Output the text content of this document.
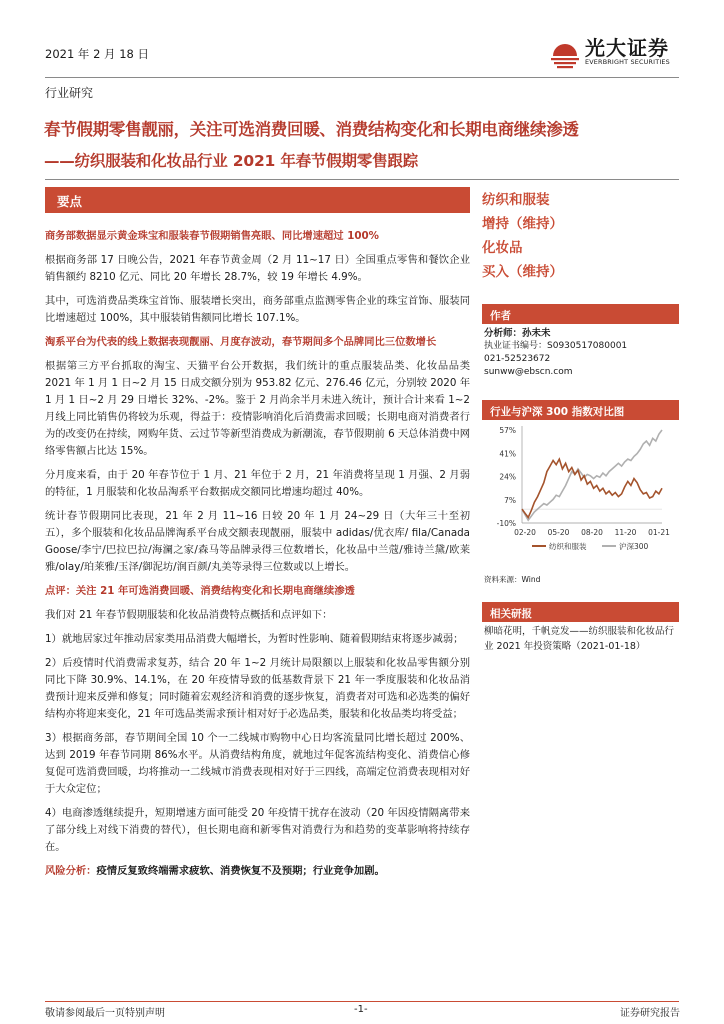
2021 年 2 月 18 日	光大证券
EVERBRIGHT SECURITIES
行业研究
春节假期零售靓丽，关注可选消费回暖、消费结构变化和长期电商继续渗透
——纺织服装和化妆品行业 2021 年春节假期零售跟踪
要点

商务部数据显示黄金珠宝和服装春节假期销售亮眼、同比增速超过 100%

根据商务部 17 日晚公告，2021 年春节黄金周（2 月 11~17 日）全国重点零售和餐饮企业销售额约 8210 亿元、同比 20 年增长 28.7%，较 19 年增长 4.9%。

其中，可选消费品类珠宝首饰、服装增长突出，商务部重点监测零售企业的珠宝首饰、服装同比增速超过 100%，其中服装销售额同比增长 107.1%。

淘系平台为代表的线上数据表现靓丽、月度存波动，春节期间多个品牌同比三位数增长

根据第三方平台抓取的淘宝、天猫平台公开数据，我们统计的重点服装品类、化妆品品类 2021 年 1 月 1 日~2 月 15 日成交额分别为 953.82 亿元、276.46 亿元，分别较 2020 年 1 月 1 日~2 月 29 日增长 32%、-2%。鉴于 2 月尚余半月未进入统计，预计合计来看 1~2 月线上同比销售仍将较为乐观，得益于：疫情影响消化后消费需求回暖；长期电商对消费者行为的改变仍在持续，网购年货、云过节等新型消费成为新潮流，春节假期前 6 天总体消费中网络零售额占比达 15%。

分月度来看，由于 20 年春节位于 1 月、21 年位于 2 月，21 年消费将呈现 1 月强、2 月弱的特征，1 月服装和化妆品淘系平台数据成交额同比增速均超过 40%。

统计春节假期同比表现，21 年 2 月 11~16 日较 20 年 1 月 24~29 日（大年三十至初五），多个服装和化妆品品牌淘系平台成交额表现靓丽，服装中 adidas/优衣库/ fila/Canada Goose/李宁/巴拉巴拉/海澜之家/森马等品牌录得三位数增长，化妆品中兰蔻/雅诗兰黛/欧莱雅/olay/珀莱雅/玉泽/御泥坊/润百颜/丸美等录得三位数或以上增长。

点评：关注 21 年可选消费回暖、消费结构变化和长期电商继续渗透

我们对 21 年春节假期服装和化妆品消费特点概括和点评如下：

1）就地居家过年推动居家类用品消费大幅增长，为暂时性影响、随着假期结束将逐步减弱；

2）后疫情时代消费需求复苏，结合 20 年 1~2 月统计局限额以上服装和化妆品零售额分别同比下降 30.9%、14.1%，在 20 年疫情导致的低基数背景下 21 年一季度服装和化妆品消费预计迎来反弹和修复；同时随着宏观经济和消费的逐步恢复，消费者对可选和必选类的偏好结构亦将迎来变化，21 年可选品类需求预计相对好于必选品类，服装和化妆品类均将受益；

3）根据商务部，春节期间全国 10 个一二线城市购物中心日均客流量同比增长超过 200%、达到 2019 年春节同期 86%水平。从消费结构角度，就地过年促客流结构变化、消费信心修复促可选消费回暖，均将推动一二线城市消费表现相对好于三四线，高端定位消费表现相对好于大众定位；

4）电商渗透继续提升，短期增速方面可能受 20 年疫情干扰存在波动（20 年因疫情隔离带来了部分线上对线下消费的替代），但长期电商和新零售对消费行为和趋势的变革影响将持续存在。

风险分析：疫情反复致终端需求疲软、消费恢复不及预期；行业竞争加剧。

纺织和服装
增持（维持）
化妆品
买入（维持）
作者
分析师：孙未未
执业证书编号：S0930517080001
021-52523672
sunww@ebscn.com
行业与沪深 300 指数对比图
57%
41%
24%
7%
-10%
02-20 05-20 08-20 11-20 01-21
纺织和服装	沪深300
资料来源：Wind
相关研报
柳暗花明，千帆竞发——纺织服装和化妆品行业 2021 年投资策略（2021-01-18）
敬请参阅最后一页特别声明	-1-	证券研究报告
